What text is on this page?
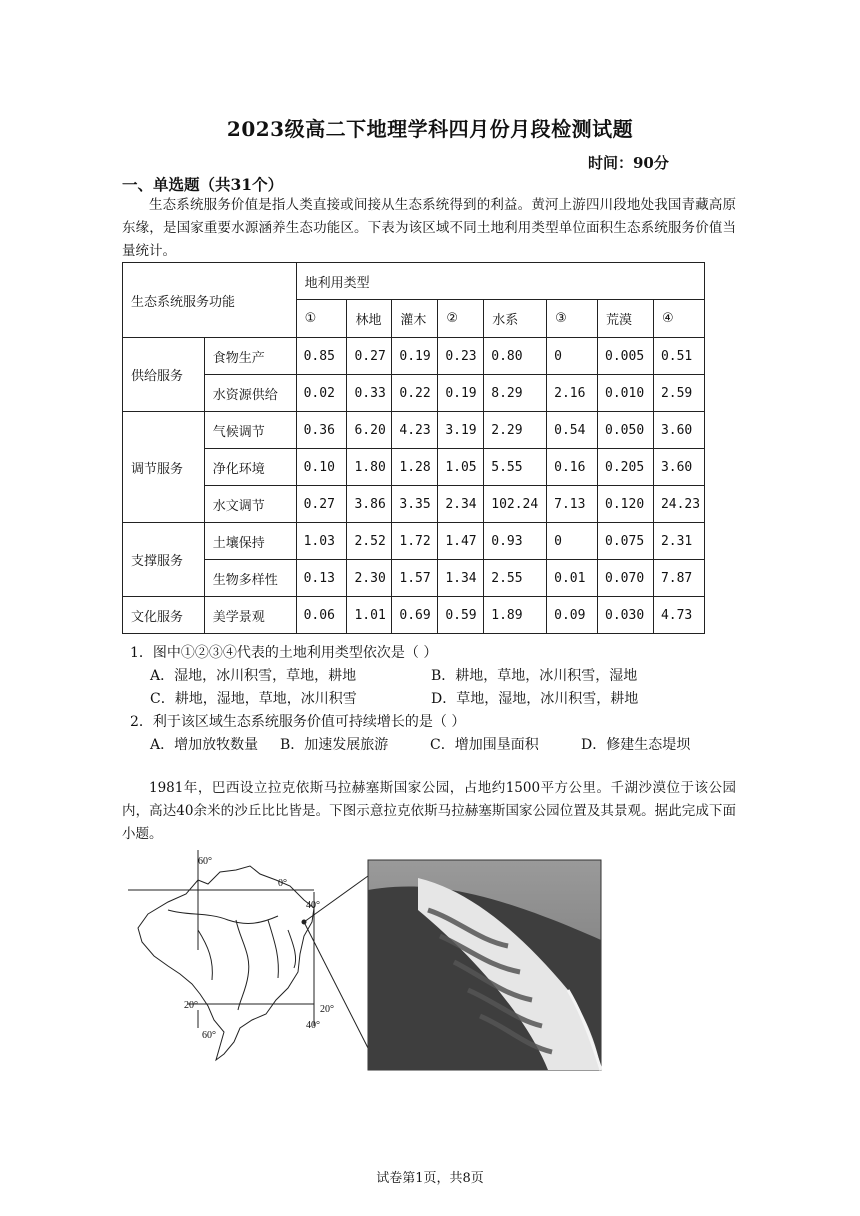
2023级高二下地理学科四月份月段检测试题
时间：90分
一、单选题（共31个）
生态系统服务价值是指人类直接或间接从生态系统得到的利益。黄河上游四川段地处我国青藏高原东缘，是国家重要水源涵养生态功能区。下表为该区域不同土地利用类型单位面积生态系统服务价值当量统计。
生态系统服务功能		地利用类型							
		①	林地	灌木	②	水系	③	荒漠	④
供给服务	食物生产	0.85	0.27	0.19	0.23	0.80	0	0.005	0.51
	水资源供给	0.02	0.33	0.22	0.19	8.29	2.16	0.010	2.59
调节服务	气候调节	0.36	6.20	4.23	3.19	2.29	0.54	0.050	3.60
	净化环境	0.10	1.80	1.28	1.05	5.55	0.16	0.205	3.60
	水文调节	0.27	3.86	3.35	2.34	102.24	7.13	0.120	24.23
支撑服务	土壤保持	1.03	2.52	1.72	1.47	0.93	0	0.075	2.31
	生物多样性	0.13	2.30	1.57	1.34	2.55	0.01	0.070	7.87
文化服务	美学景观	0.06	1.01	0.69	0.59	1.89	0.09	0.030	4.73
1．图中①②③④代表的土地利用类型依次是（ ）
A．湿地，冰川积雪，草地，耕地	B．耕地，草地，冰川积雪，湿地
C．耕地，湿地，草地，冰川积雪	D．草地，湿地，冰川积雪，耕地
2．利于该区域生态系统服务价值可持续增长的是（ ）
A．增加放牧数量 B．加速发展旅游	C．增加围垦面积	D．修建生态堤坝
1981年，巴西设立拉克依斯马拉赫塞斯国家公园，占地约1500平方公里。千湖沙漠位于该公园内，高达40余米的沙丘比比皆是。下图示意拉克依斯马拉赫塞斯国家公园位置及其景观。据此完成下面小题。
60°
0°
40°
20°	20°
40°
60°
试卷第1页，共8页
